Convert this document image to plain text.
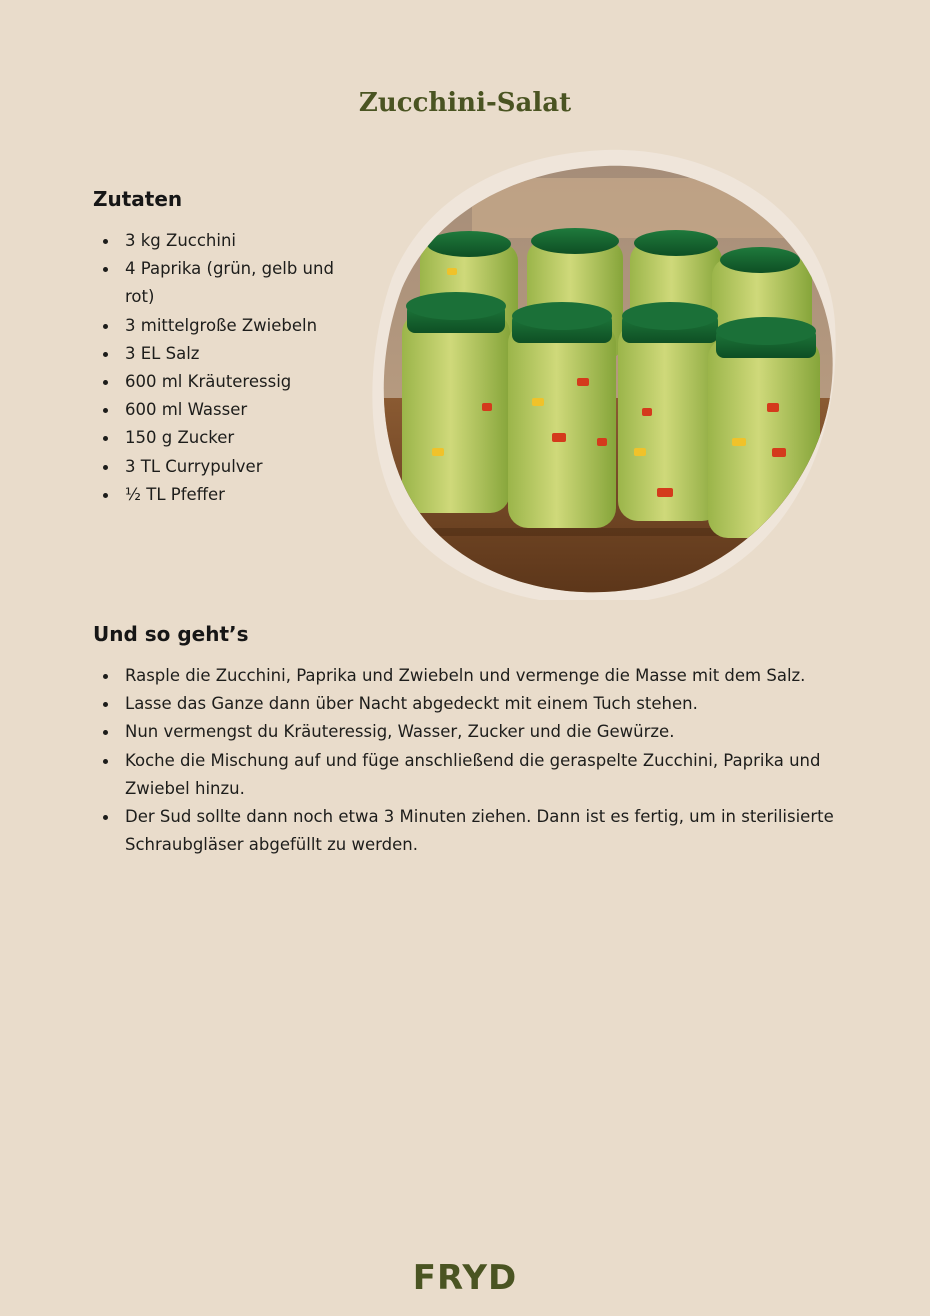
Zucchini-Salat
Zutaten
3 kg Zucchini
4 Paprika (grün, gelb und rot)
3 mittelgroße Zwiebeln
3 EL Salz
600 ml Kräuteressig
600 ml Wasser
150 g Zucker
3 TL Currypulver
½ TL Pfeffer
Und so geht’s
Rasple die Zucchini, Paprika und Zwiebeln und vermenge die Masse mit dem Salz.
Lasse das Ganze dann über Nacht abgedeckt mit einem Tuch stehen.
Nun vermengst du Kräuteressig, Wasser, Zucker und die Gewürze.
Koche die Mischung auf und füge anschließend die geraspelte Zucchini, Paprika und Zwiebel hinzu.
Der Sud sollte dann noch etwa 3 Minuten ziehen. Dann ist es fertig, um in sterilisierte Schraubgläser abgefüllt zu werden.
FRYD
